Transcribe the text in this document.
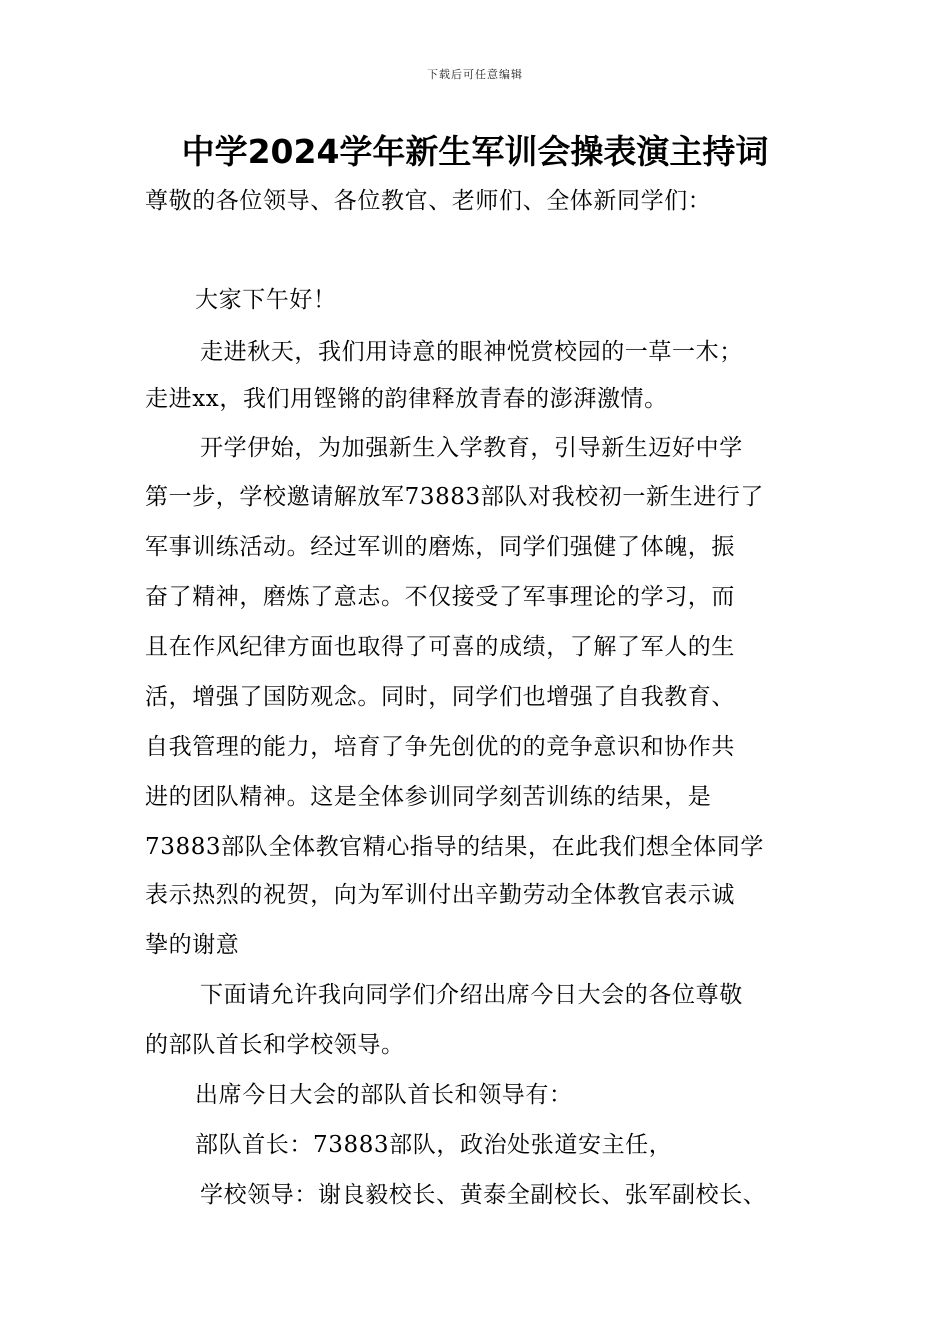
下载后可任意编辑
中学2024学年新生军训会操表演主持词
尊敬的各位领导、各位教官、老师们、全体新同学们：
大家下午好！
走进秋天，我们用诗意的眼神悦赏校园的一草一木；
走进xx，我们用铿锵的韵律释放青春的澎湃激情。
开学伊始，为加强新生入学教育，引导新生迈好中学
第一步，学校邀请解放军73883部队对我校初一新生进行了
军事训练活动。经过军训的磨炼，同学们强健了体魄，振
奋了精神，磨炼了意志。不仅接受了军事理论的学习，而
且在作风纪律方面也取得了可喜的成绩，了解了军人的生
活，增强了国防观念。同时，同学们也增强了自我教育、
自我管理的能力，培育了争先创优的的竞争意识和协作共
进的团队精神。这是全体参训同学刻苦训练的结果，是
73883部队全体教官精心指导的结果，在此我们想全体同学
表示热烈的祝贺，向为军训付出辛勤劳动全体教官表示诚
挚的谢意
下面请允许我向同学们介绍出席今日大会的各位尊敬
的部队首长和学校领导。
出席今日大会的部队首长和领导有：
部队首长：73883部队，政治处张道安主任，
学校领导：谢良毅校长、黄泰全副校长、张军副校长、
